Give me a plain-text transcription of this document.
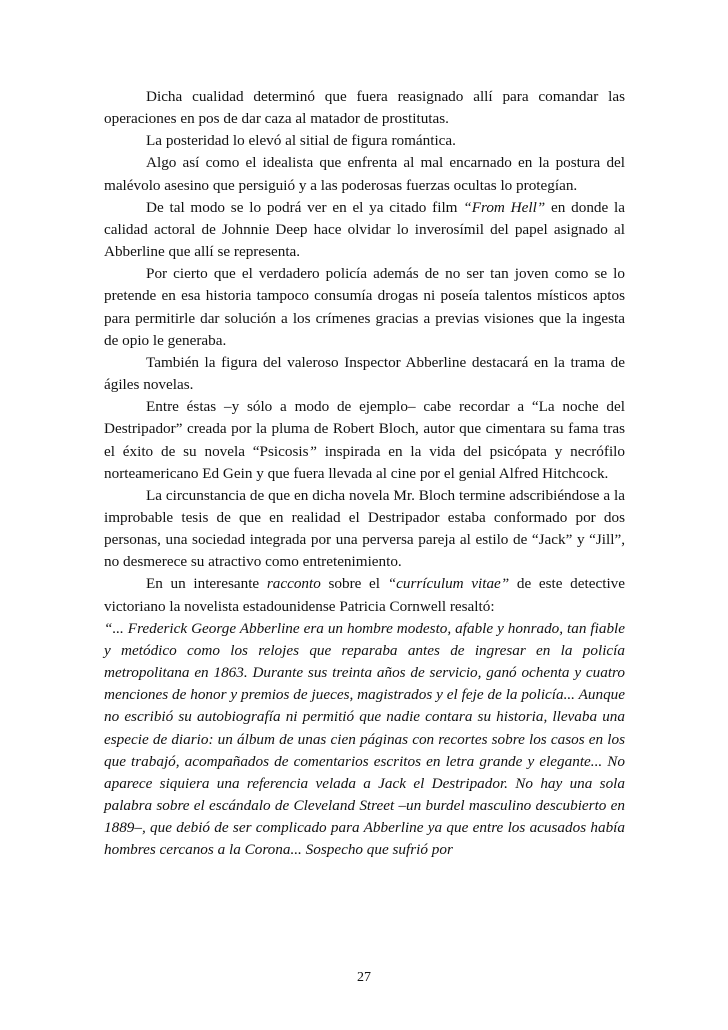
Dicha cualidad determinó que fuera reasignado allí para comandar las operaciones en pos de dar caza al matador de prostitutas.

La posteridad lo elevó al sitial de figura romántica.

Algo así como el idealista que enfrenta al mal encarnado en la postura del malévolo asesino que persiguió y a las poderosas fuerzas ocultas lo protegían.

De tal modo se lo podrá ver en el ya citado film “From Hell” en donde la calidad actoral de Johnnie Deep hace olvidar lo inverosímil del papel asignado al Abberline que allí se representa.

Por cierto que el verdadero policía además de no ser tan joven como se lo pretende en esa historia tampoco consumía drogas ni poseía talentos místicos aptos para permitirle dar solución a los crímenes gracias a previas visiones que la ingesta de opio le generaba.

También la figura del valeroso Inspector Abberline destacará en la trama de ágiles novelas.

Entre éstas –y sólo a modo de ejemplo– cabe recordar a “La noche del Destripador” creada por la pluma de Robert Bloch, autor que cimentara su fama tras el éxito de su novela “Psicosis” inspirada en la vida del psicópata y necrófilo norteamericano Ed Gein y que fuera llevada al cine por el genial Alfred Hitchcock.

La circunstancia de que en dicha novela Mr. Bloch termine adscribiéndose a la improbable tesis de que en realidad el Destripador estaba conformado por dos personas, una sociedad integrada por una perversa pareja al estilo de “Jack” y “Jill”, no desmerece su atractivo como entretenimiento.

En un interesante racconto sobre el “currículum vitae” de este detective victoriano la novelista estadounidense Patricia Cornwell resaltó:

“... Frederick George Abberline era un hombre modesto, afable y honrado, tan fiable y metódico como los relojes que reparaba antes de ingresar en la policía metropolitana en 1863. Durante sus treinta años de servicio, ganó ochenta y cuatro menciones de honor y premios de jueces, magistrados y el feje de la policía... Aunque no escribió su autobiografía ni permitió que nadie contara su historia, llevaba una especie de diario: un álbum de unas cien páginas con recortes sobre los casos en los que trabajó, acompañados de comentarios escritos en letra grande y elegante... No aparece siquiera una referencia velada a Jack el Destripador. No hay una sola palabra sobre el escándalo de Cleveland Street –un burdel masculino descubierto en 1889–, que debió de ser complicado para Abberline ya que entre los acusados había hombres cercanos a la Corona... Sospecho que sufrió por

27
